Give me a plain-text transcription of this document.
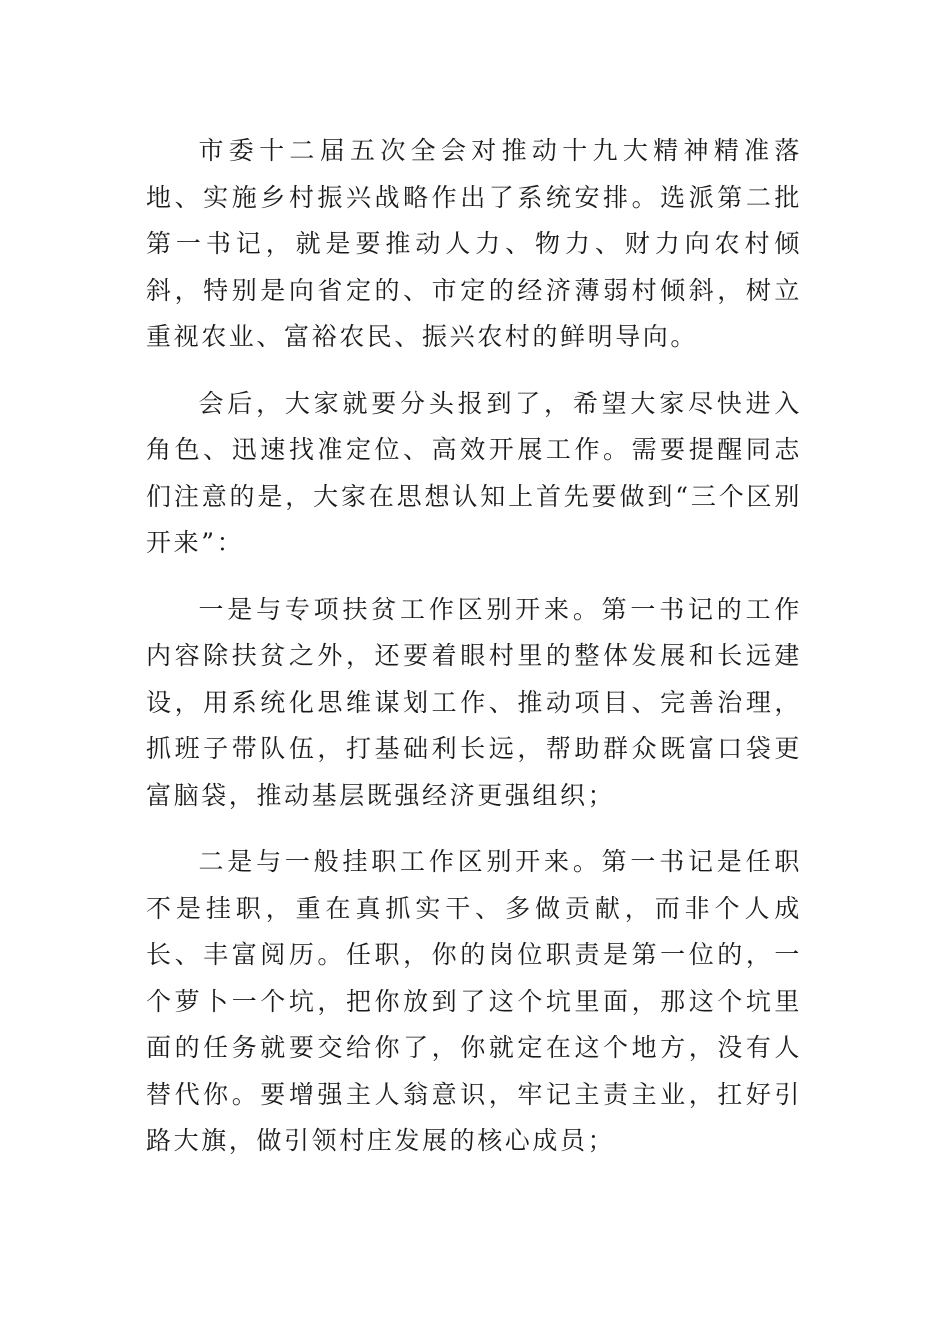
市委十二届五次全会对推动十九大精神精准落地、实施乡村振兴战略作出了系统安排。选派第二批第一书记，就是要推动人力、物力、财力向农村倾斜，特别是向省定的、市定的经济薄弱村倾斜，树立重视农业、富裕农民、振兴农村的鲜明导向。

会后，大家就要分头报到了，希望大家尽快进入角色、迅速找准定位、高效开展工作。需要提醒同志们注意的是，大家在思想认知上首先要做到“三个区别开来”：

一是与专项扶贫工作区别开来。第一书记的工作内容除扶贫之外，还要着眼村里的整体发展和长远建设，用系统化思维谋划工作、推动项目、完善治理，抓班子带队伍，打基础利长远，帮助群众既富口袋更富脑袋，推动基层既强经济更强组织；

二是与一般挂职工作区别开来。第一书记是任职不是挂职，重在真抓实干、多做贡献，而非个人成长、丰富阅历。任职，你的岗位职责是第一位的，一个萝卜一个坑，把你放到了这个坑里面，那这个坑里面的任务就要交给你了，你就定在这个地方，没有人替代你。要增强主人翁意识，牢记主责主业，扛好引路大旗，做引领村庄发展的核心成员；
